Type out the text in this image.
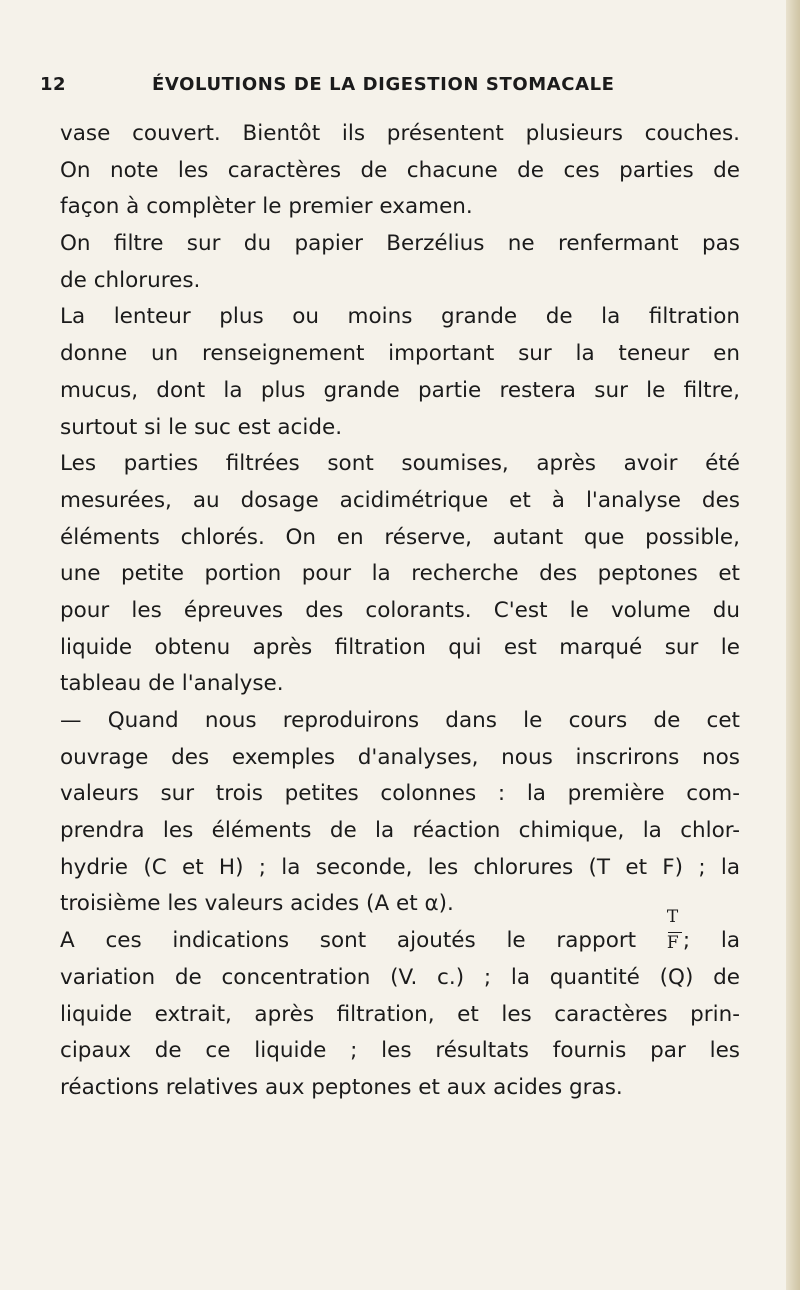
12	ÉVOLUTIONS DE LA DIGESTION STOMACALE
vase couvert. Bientôt ils présentent plusieurs couches.
On note les caractères de chacune de ces parties de
façon à complèter le premier examen.
On filtre sur du papier Berzélius ne renfermant pas
de chlorures.
La lenteur plus ou moins grande de la filtration
donne un renseignement important sur la teneur en
mucus, dont la plus grande partie restera sur le filtre,
surtout si le suc est acide.
Les parties filtrées sont soumises, après avoir été
mesurées, au dosage acidimétrique et à l'analyse des
éléments chlorés. On en réserve, autant que possible,
une petite portion pour la recherche des peptones et
pour les épreuves des colorants. C'est le volume du
liquide obtenu après filtration qui est marqué sur le
tableau de l'analyse.
— Quand nous reproduirons dans le cours de cet
ouvrage des exemples d'analyses, nous inscrirons nos
valeurs sur trois petites colonnes : la première com-
prendra les éléments de la réaction chimique, la chlor-
hydrie (C et H) ; la seconde, les chlorures (T et F) ; la
troisième les valeurs acides (A et α).
A ces indications sont ajoutés le rapport $\frac{T}{F}$ ; la
variation de concentration (V. c.) ; la quantité (Q) de
liquide extrait, après filtration, et les caractères prin-
cipaux de ce liquide ; les résultats fournis par les
réactions relatives aux peptones et aux acides gras.
